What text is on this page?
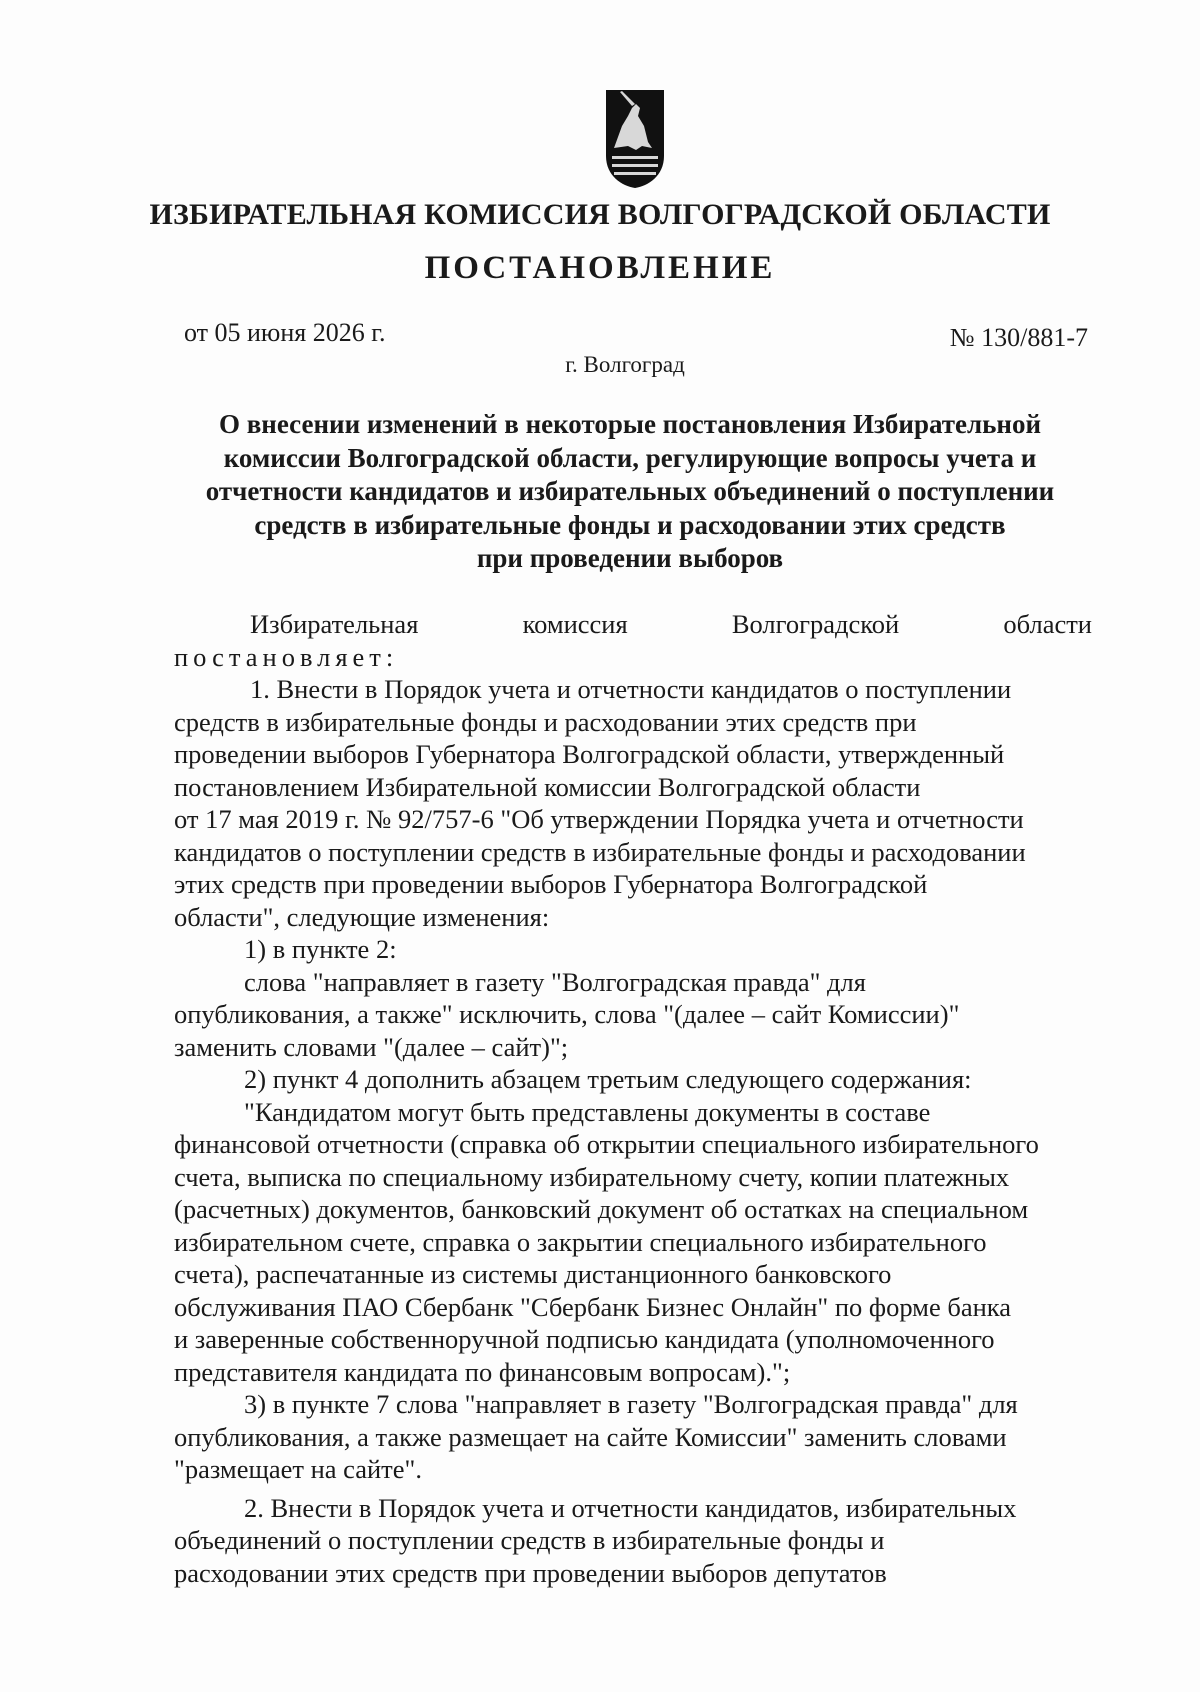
ИЗБИРАТЕЛЬНАЯ КОМИССИЯ ВОЛГОГРАДСКОЙ ОБЛАСТИ
ПОСТАНОВЛЕНИЕ
от 05 июня 2026 г.	№ 130/881-7
г. Волгоград
О внесении изменений в некоторые постановления Избирательной
комиссии Волгоградской области, регулирующие вопросы учета и
отчетности кандидатов и избирательных объединений о поступлении
средств в избирательные фонды и расходовании этих средств
при проведении выборов
Избирательная	комиссия	Волгоградской	области
постановляет:
1. Внести в Порядок учета и отчетности кандидатов о поступлении
средств в избирательные фонды и расходовании этих средств при
проведении выборов Губернатора Волгоградской области, утвержденный
постановлением Избирательной комиссии Волгоградской области
от 17 мая 2019 г. № 92/757-6 "Об утверждении Порядка учета и отчетности
кандидатов о поступлении средств в избирательные фонды и расходовании
этих средств при проведении выборов Губернатора Волгоградской
области", следующие изменения:
1) в пункте 2:
слова "направляет в газету "Волгоградская правда" для
опубликования, а также" исключить, слова "(далее – сайт Комиссии)"
заменить словами "(далее – сайт)";
2) пункт 4 дополнить абзацем третьим следующего содержания:
"Кандидатом могут быть представлены документы в составе
финансовой отчетности (справка об открытии специального избирательного
счета, выписка по специальному избирательному счету, копии платежных
(расчетных) документов, банковский документ об остатках на специальном
избирательном счете, справка о закрытии специального избирательного
счета), распечатанные из системы дистанционного банковского
обслуживания ПАО Сбербанк "Сбербанк Бизнес Онлайн" по форме банка
и заверенные собственноручной подписью кандидата (уполномоченного
представителя кандидата по финансовым вопросам).";
3) в пункте 7 слова "направляет в газету "Волгоградская правда" для
опубликования, а также размещает на сайте Комиссии" заменить словами
"размещает на сайте".
2. Внести в Порядок учета и отчетности кандидатов, избирательных
объединений о поступлении средств в избирательные фонды и
расходовании этих средств при проведении выборов депутатов
